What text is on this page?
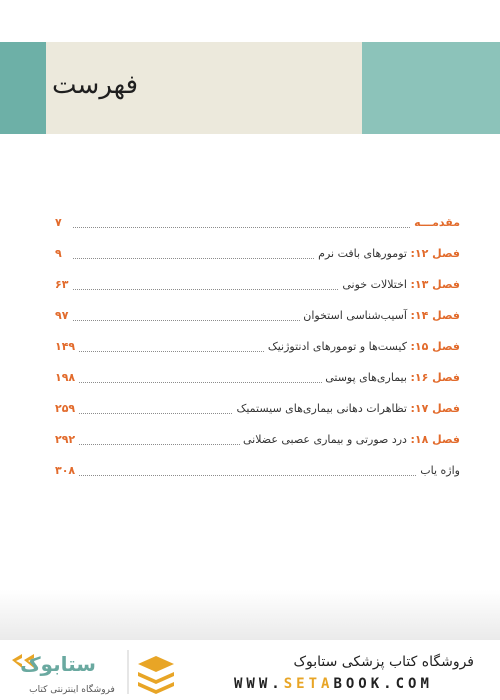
فهرست
مقدمـــه
۷
فصل ۱۲: تومورهای بافت نرم
۹
فصل ۱۳: اختلالات خونی
۶۳
فصل ۱۴: آسیب‌شناسی استخوان
۹۷
فصل ۱۵: کیست‌ها و تومورهای ادنتوژنیک
۱۴۹
فصل ۱۶: بیماری‌های پوستی
۱۹۸
فصل ۱۷: تظاهرات دهانی بیماری‌های سیستمیک
۲۵۹
فصل ۱۸: درد صورتی و بیماری عصبی عضلانی
۲۹۲
واژه یاب
۳۰۸
ستابوک
فروشگاه اینترنتی کتاب
فروشگاه کتاب پزشکی ستابوک
WWW.SETABOOK.COM
